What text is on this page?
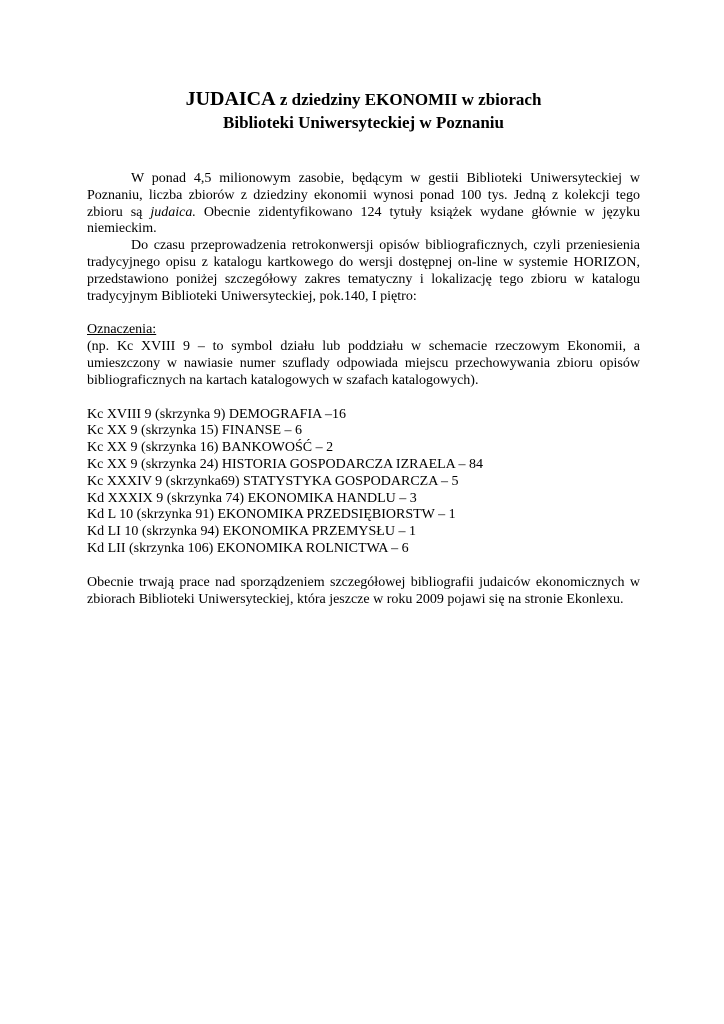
JUDAICA z dziedziny EKONOMII w zbiorach
Biblioteki Uniwersyteckiej w Poznaniu
W ponad 4,5 milionowym zasobie, będącym w gestii Biblioteki Uniwersyteckiej w Poznaniu, liczba zbiorów z dziedziny ekonomii wynosi ponad 100 tys. Jedną z kolekcji tego zbioru są judaica. Obecnie zidentyfikowano 124 tytuły książek wydane głównie w języku niemieckim.
Do czasu przeprowadzenia retrokonwersji opisów bibliograficznych, czyli przeniesienia tradycyjnego opisu z katalogu kartkowego do wersji dostępnej on-line w systemie HORIZON, przedstawiono poniżej szczegółowy zakres tematyczny i lokalizację tego zbioru w katalogu tradycyjnym Biblioteki Uniwersyteckiej, pok.140, I piętro:
Oznaczenia:
(np. Kc XVIII 9 – to symbol działu lub poddziału w schemacie rzeczowym Ekonomii, a umieszczony w nawiasie numer szuflady odpowiada miejscu przechowywania zbioru opisów bibliograficznych na kartach katalogowych w szafach katalogowych).
Kc XVIII 9 (skrzynka 9) DEMOGRAFIA –16
Kc XX 9 (skrzynka 15) FINANSE – 6
Kc XX 9 (skrzynka 16) BANKOWOŚĆ – 2
Kc XX 9 (skrzynka 24) HISTORIA GOSPODARCZA IZRAELA – 84
Kc XXXIV 9 (skrzynka69) STATYSTYKA GOSPODARCZA – 5
Kd XXXIX 9 (skrzynka 74) EKONOMIKA HANDLU – 3
Kd L 10 (skrzynka 91) EKONOMIKA PRZEDSIĘBIORSTW – 1
Kd LI 10 (skrzynka 94) EKONOMIKA PRZEMYSŁU – 1
Kd LII (skrzynka 106) EKONOMIKA ROLNICTWA – 6
Obecnie trwają prace nad sporządzeniem szczegółowej bibliografii judaiców ekonomicznych w zbiorach Biblioteki Uniwersyteckiej, która jeszcze w roku 2009 pojawi się na stronie Ekonlexu.
